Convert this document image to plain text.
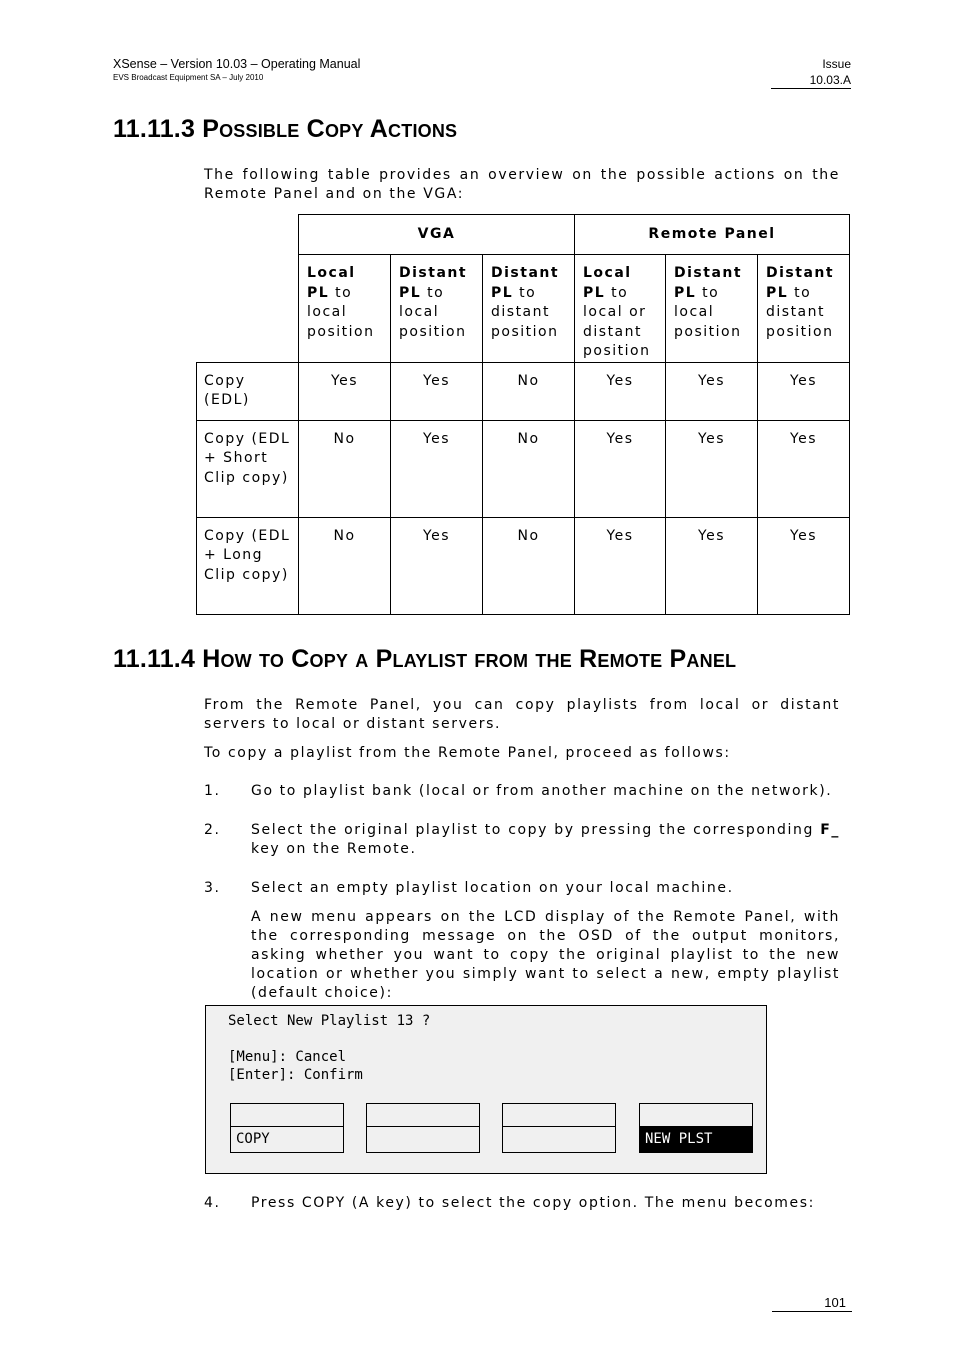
XSense – Version 10.03 – Operating Manual
EVS Broadcast Equipment SA – July 2010
Issue
10.03.A
11.11.3 Possible Copy Actions
The following table provides an overview on the possible actions on the Remote Panel and on the VGA:
	VGA			Remote Panel		
	Local PL to local position	Distant PL to local position	Distant PL to distant position	Local PL to local or distant position	Distant PL to local position	Distant PL to distant position
Copy (EDL)	Yes	Yes	No	Yes	Yes	Yes
Copy (EDL + Short Clip copy)	No	Yes	No	Yes	Yes	Yes
Copy (EDL + Long Clip copy)	No	Yes	No	Yes	Yes	Yes
11.11.4 How to Copy a Playlist from the Remote Panel
From the Remote Panel, you can copy playlists from local or distant servers to local or distant servers.
To copy a playlist from the Remote Panel, proceed as follows:
1. Go to playlist bank (local or from another machine on the network).
2. Select the original playlist to copy by pressing the corresponding F_ key on the Remote.
3. Select an empty playlist location on your local machine.
A new menu appears on the LCD display of the Remote Panel, with the corresponding message on the OSD of the output monitors, asking whether you want to copy the original playlist to the new location or whether you simply want to select a new, empty playlist (default choice):
Select New Playlist 13 ?
[Menu]: Cancel
[Enter]: Confirm
COPY	NEW PLST
4. Press COPY (A key) to select the copy option. The menu becomes:
101
